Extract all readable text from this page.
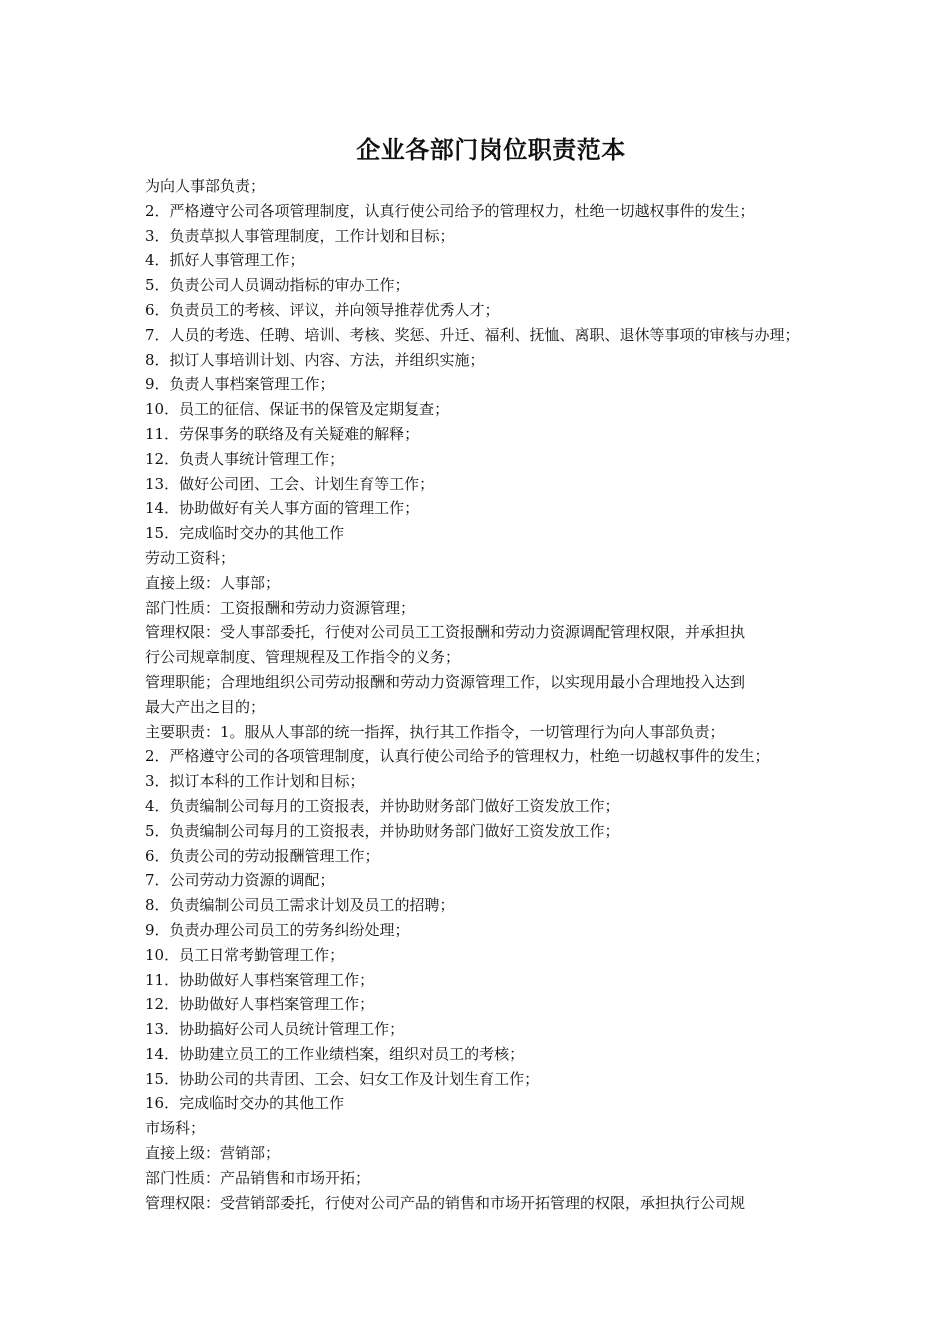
企业各部门岗位职责范本
为向人事部负责；
2．严格遵守公司各项管理制度，认真行使公司给予的管理权力，杜绝一切越权事件的发生；
3．负责草拟人事管理制度，工作计划和目标；
4．抓好人事管理工作；
5．负责公司人员调动指标的审办工作；
6．负责员工的考核、评议，并向领导推荐优秀人才；
7．人员的考选、任聘、培训、考核、奖惩、升迁、福利、抚恤、离职、退休等事项的审核与办理；
8．拟订人事培训计划、内容、方法，并组织实施；
9．负责人事档案管理工作；
10．员工的征信、保证书的保管及定期复查；
11．劳保事务的联络及有关疑难的解释；
12．负责人事统计管理工作；
13．做好公司团、工会、计划生育等工作；
14．协助做好有关人事方面的管理工作；
15．完成临时交办的其他工作
劳动工资科；
直接上级：人事部；
部门性质：工资报酬和劳动力资源管理；
管理权限：受人事部委托，行使对公司员工工资报酬和劳动力资源调配管理权限，并承担执
行公司规章制度、管理规程及工作指令的义务；
管理职能；合理地组织公司劳动报酬和劳动力资源管理工作，以实现用最小合理地投入达到
最大产出之目的；
主要职责：1。服从人事部的统一指挥，执行其工作指令，一切管理行为向人事部负责；
2．严格遵守公司的各项管理制度，认真行使公司给予的管理权力，杜绝一切越权事件的发生；
3．拟订本科的工作计划和目标；
4．负责编制公司每月的工资报表，并协助财务部门做好工资发放工作；
5．负责编制公司每月的工资报表，并协助财务部门做好工资发放工作；
6．负责公司的劳动报酬管理工作；
7．公司劳动力资源的调配；
8．负责编制公司员工需求计划及员工的招聘；
9．负责办理公司员工的劳务纠纷处理；
10．员工日常考勤管理工作；
11．协助做好人事档案管理工作；
12．协助做好人事档案管理工作；
13．协助搞好公司人员统计管理工作；
14．协助建立员工的工作业绩档案，组织对员工的考核；
15．协助公司的共青团、工会、妇女工作及计划生育工作；
16．完成临时交办的其他工作
市场科；
直接上级：营销部；
部门性质：产品销售和市场开拓；
管理权限：受营销部委托，行使对公司产品的销售和市场开拓管理的权限，承担执行公司规
